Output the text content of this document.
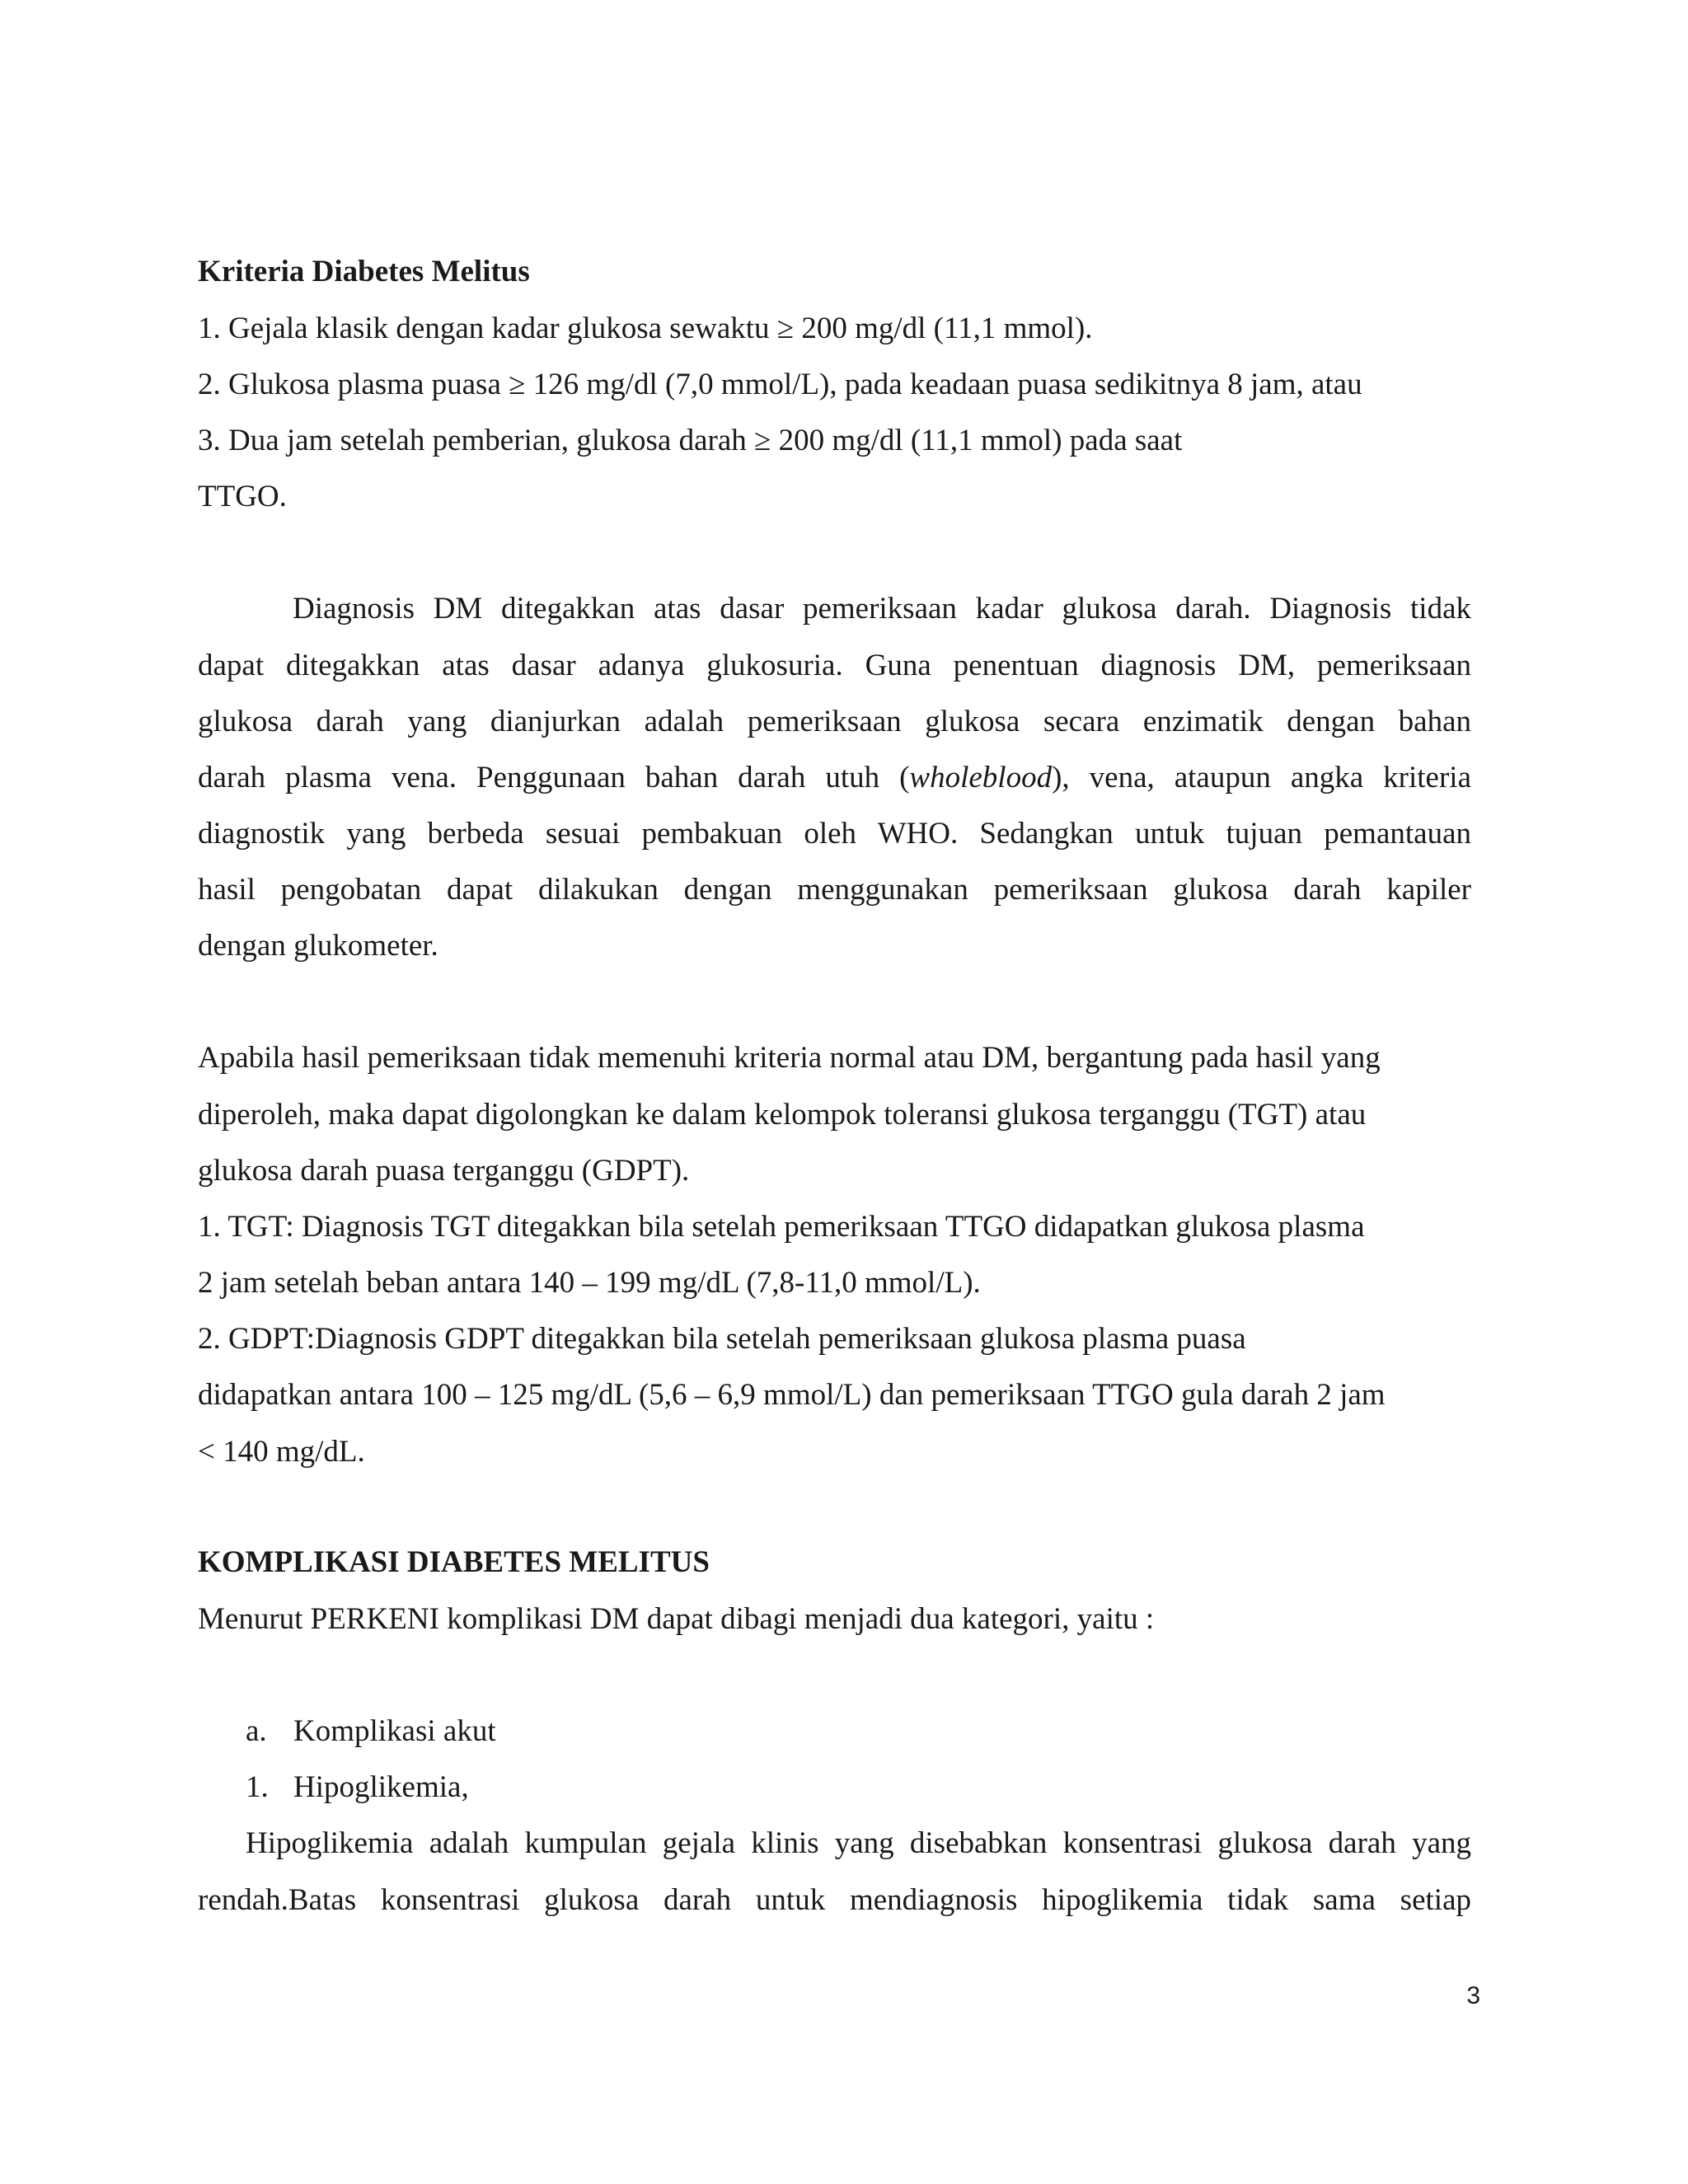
Kriteria Diabetes Melitus
1. Gejala klasik dengan kadar glukosa sewaktu ≥ 200 mg/dl (11,1 mmol).
2. Glukosa plasma puasa ≥ 126 mg/dl (7,0 mmol/L), pada keadaan puasa sedikitnya 8 jam, atau
3. Dua jam setelah pemberian, glukosa darah ≥ 200 mg/dl (11,1 mmol) pada saat
TTGO.
Diagnosis DM ditegakkan atas dasar pemeriksaan kadar glukosa darah. Diagnosis tidak
dapat ditegakkan atas dasar adanya glukosuria. Guna penentuan diagnosis DM, pemeriksaan
glukosa darah yang dianjurkan adalah pemeriksaan glukosa secara enzimatik dengan bahan
darah plasma vena. Penggunaan bahan darah utuh (wholeblood), vena, ataupun angka kriteria
diagnostik yang berbeda sesuai pembakuan oleh WHO. Sedangkan untuk tujuan pemantauan
hasil pengobatan dapat dilakukan dengan menggunakan pemeriksaan glukosa darah kapiler
dengan glukometer.
Apabila hasil pemeriksaan tidak memenuhi kriteria normal atau DM, bergantung pada hasil yang
diperoleh, maka dapat digolongkan ke dalam kelompok toleransi glukosa terganggu (TGT) atau
glukosa darah puasa terganggu (GDPT).
1. TGT: Diagnosis TGT ditegakkan bila setelah pemeriksaan TTGO didapatkan glukosa plasma
2 jam setelah beban antara 140 – 199 mg/dL (7,8-11,0 mmol/L).
2. GDPT:Diagnosis GDPT ditegakkan bila setelah pemeriksaan glukosa plasma puasa
didapatkan antara 100 – 125 mg/dL (5,6 – 6,9 mmol/L) dan pemeriksaan TTGO gula darah 2 jam
< 140 mg/dL.
KOMPLIKASI DIABETES MELITUS
Menurut PERKENI komplikasi DM dapat dibagi menjadi dua kategori, yaitu :
a. Komplikasi akut
1. Hipoglikemia,
Hipoglikemia adalah kumpulan gejala klinis yang disebabkan konsentrasi glukosa darah yang
rendah.Batas konsentrasi glukosa darah untuk mendiagnosis hipoglikemia tidak sama setiap
3
